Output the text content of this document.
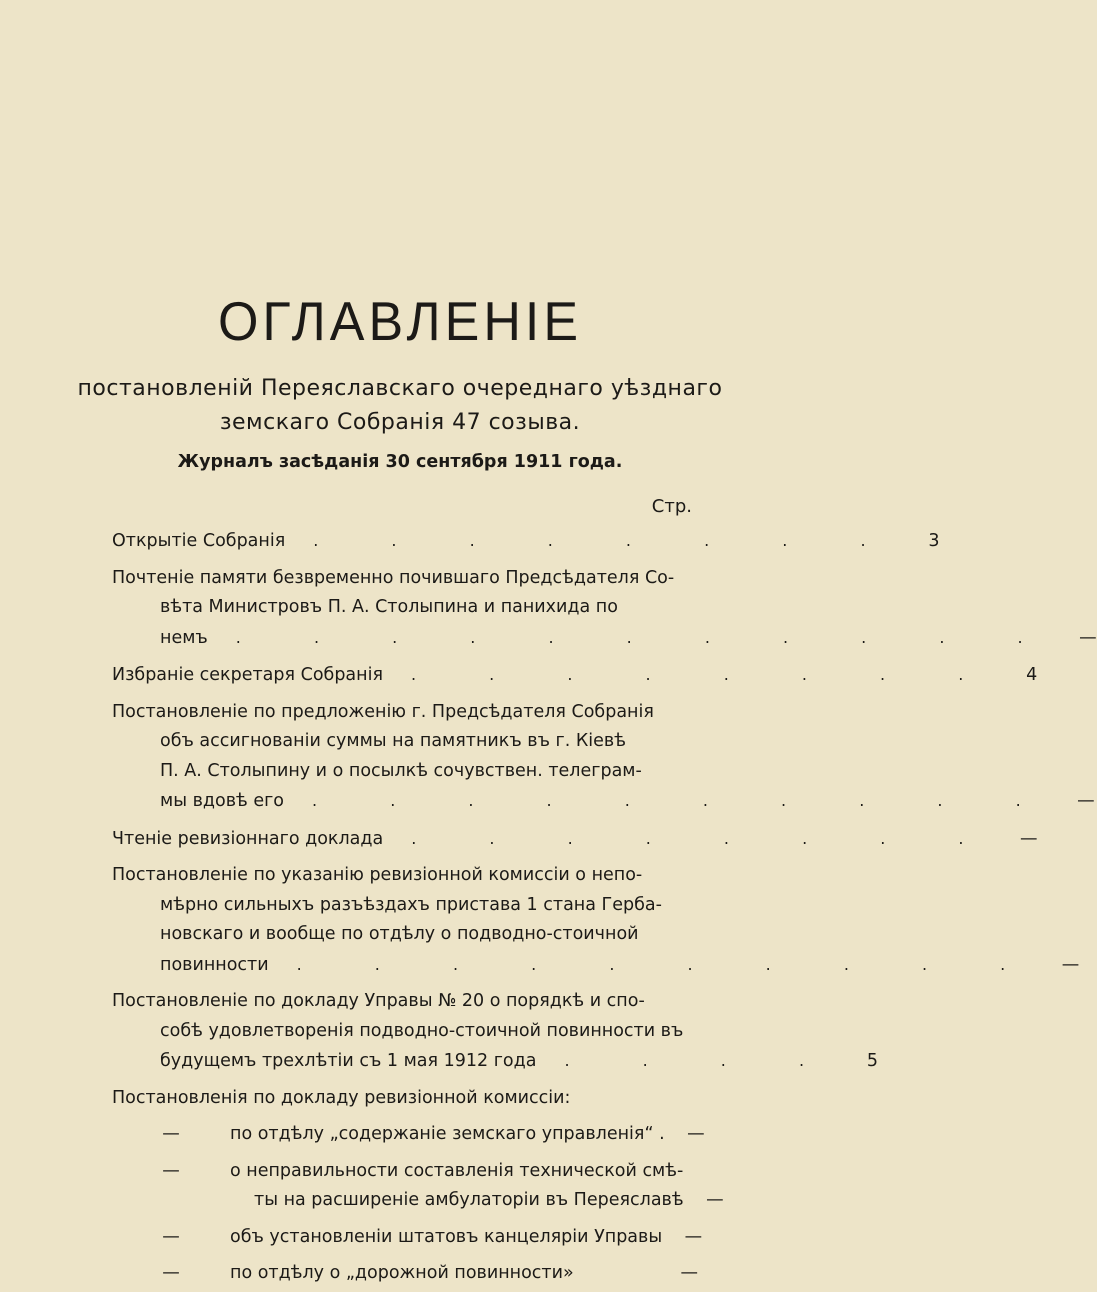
ОГЛАВЛЕНІЕ
постановленій Переяславскаго очереднаго уѣзднаго
земскаго Собранія 47 созыва.
Журналъ засѣданія 30 сентября 1911 года.
Стр.
Открытіе Собранія	. . . . . . . .	3
Почтеніе памяти безвременно почившаго Предсѣдателя Со-
вѣта Министровъ П. А. Столыпина и панихида по
немъ	. . . . . . . . . . .	—
Избраніе секретаря Собранія	. . . . . . . .	4
Постановленіе по предложенію г. Предсѣдателя Собранія
объ ассигнованіи суммы на памятникъ въ г. Кіевѣ
П. А. Столыпину и о посылкѣ сочувствен. телеграм-
мы вдовѣ его	. . . . . . . . . .	—
Чтеніе ревизіоннаго доклада	. . . . . . . .	—
Постановленіе по указанію ревизіонной комиссіи о непо-
мѣрно сильныхъ разъѣздахъ пристава 1 стана Герба-
новскаго и вообще по отдѣлу о подводно-стоичной
повинности	. . . . . . . . . .	—
Постановленіе по докладу Управы № 20 о порядкѣ и спо-
собѣ удовлетворенія подводно-стоичной повинности въ
будущемъ трехлѣтіи съ 1 мая 1912 года	. . . .	5
Постановленія по докладу ревизіонной комиссіи:
—	по отдѣлу „содержаніе земскаго управленія“ .	—
—	о неправильности составленія технической смѣ-
ты на расширеніе амбулаторіи въ Переяславѣ	—
—	объ установленіи штатовъ канцеляріи Управы	—
—	по отдѣлу о „дорожной повинности»	—
